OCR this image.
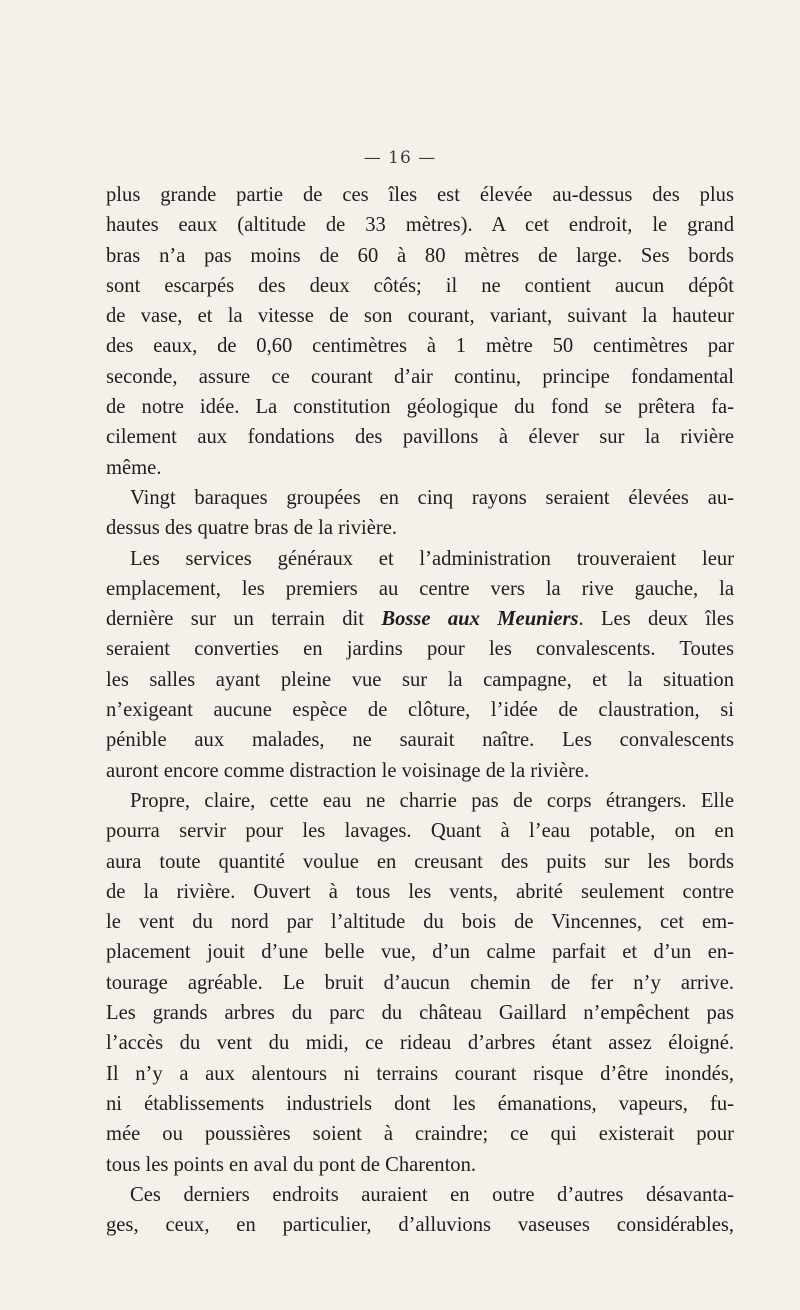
— 16 —

plus grande partie de ces îles est élevée au-dessus des plus
hautes eaux (altitude de 33 mètres). A cet endroit, le grand
bras n’a pas moins de 60 à 80 mètres de large. Ses bords
sont escarpés des deux côtés; il ne contient aucun dépôt
de vase, et la vitesse de son courant, variant, suivant la hauteur
des eaux, de 0,60 centimètres à 1 mètre 50 centimètres par
seconde, assure ce courant d’air continu, principe fondamental
de notre idée. La constitution géologique du fond se prêtera fa-
cilement aux fondations des pavillons à élever sur la rivière
même.

Vingt baraques groupées en cinq rayons seraient élevées au-
dessus des quatre bras de la rivière.

Les services généraux et l’administration trouveraient leur
emplacement, les premiers au centre vers la rive gauche, la
dernière sur un terrain dit Bosse aux Meuniers. Les deux îles
seraient converties en jardins pour les convalescents. Toutes
les salles ayant pleine vue sur la campagne, et la situation
n’exigeant aucune espèce de clôture, l’idée de claustration, si
pénible aux malades, ne saurait naître. Les convalescents
auront encore comme distraction le voisinage de la rivière.

Propre, claire, cette eau ne charrie pas de corps étrangers. Elle
pourra servir pour les lavages. Quant à l’eau potable, on en
aura toute quantité voulue en creusant des puits sur les bords
de la rivière. Ouvert à tous les vents, abrité seulement contre
le vent du nord par l’altitude du bois de Vincennes, cet em-
placement jouit d’une belle vue, d’un calme parfait et d’un en-
tourage agréable. Le bruit d’aucun chemin de fer n’y arrive.
Les grands arbres du parc du château Gaillard n’empêchent pas
l’accès du vent du midi, ce rideau d’arbres étant assez éloigné.
Il n’y a aux alentours ni terrains courant risque d’être inondés,
ni établissements industriels dont les émanations, vapeurs, fu-
mée ou poussières soient à craindre; ce qui existerait pour
tous les points en aval du pont de Charenton.

Ces derniers endroits auraient en outre d’autres désavanta-
ges, ceux, en particulier, d’alluvions vaseuses considérables,
